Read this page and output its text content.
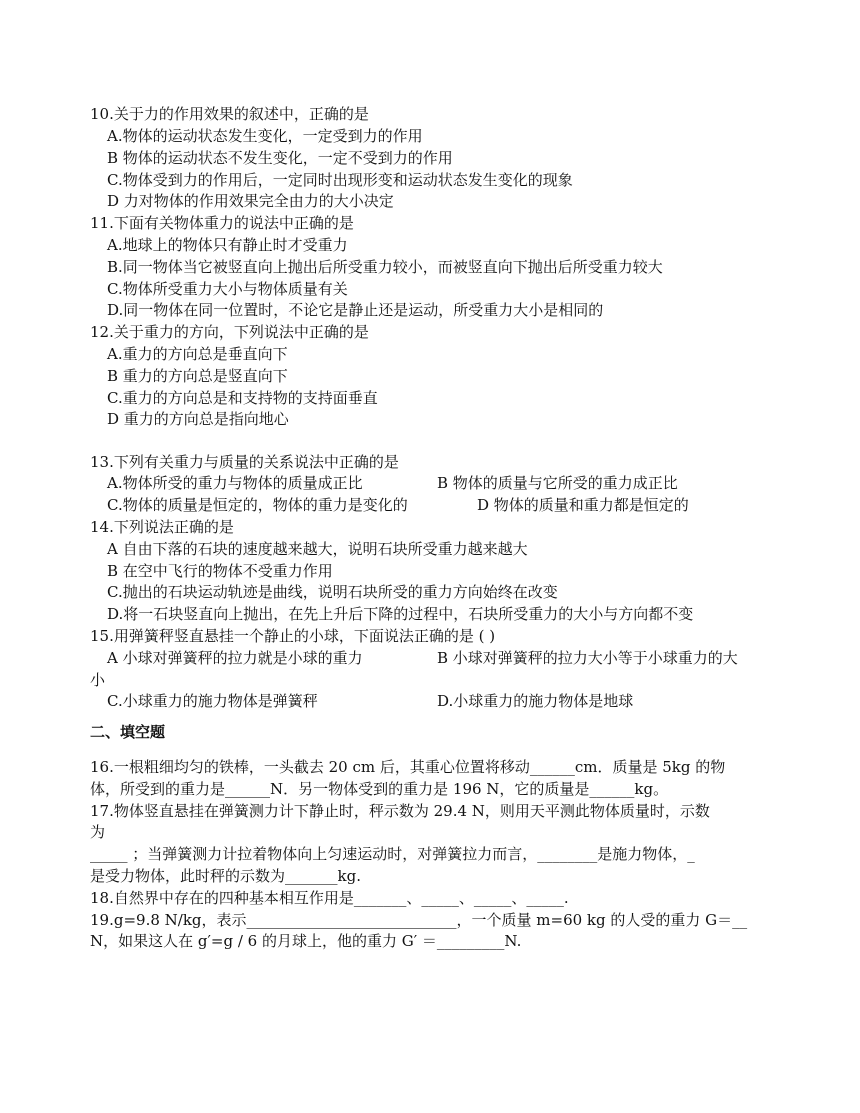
10.关于力的作用效果的叙述中，正确的是
A.物体的运动状态发生变化，一定受到力的作用
B 物体的运动状态不发生变化，一定不受到力的作用
C.物体受到力的作用后，一定同时出现形变和运动状态发生变化的现象
D 力对物体的作用效果完全由力的大小决定
11.下面有关物体重力的说法中正确的是
A.地球上的物体只有静止时才受重力
B.同一物体当它被竖直向上抛出后所受重力较小，而被竖直向下抛出后所受重力较大
C.物体所受重力大小与物体质量有关
D.同一物体在同一位置时，不论它是静止还是运动，所受重力大小是相同的
12.关于重力的方向，下列说法中正确的是
A.重力的方向总是垂直向下
B 重力的方向总是竖直向下
C.重力的方向总是和支持物的支持面垂直
D 重力的方向总是指向地心
13.下列有关重力与质量的关系说法中正确的是
A.物体所受的重力与物体的质量成正比	B 物体的质量与它所受的重力成正比
C.物体的质量是恒定的，物体的重力是变化的	D 物体的质量和重力都是恒定的
14.下列说法正确的是
A 自由下落的石块的速度越来越大，说明石块所受重力越来越大
B 在空中飞行的物体不受重力作用
C.抛出的石块运动轨迹是曲线，说明石块所受的重力方向始终在改变
D.将一石块竖直向上抛出，在先上升后下降的过程中，石块所受重力的大小与方向都不变
15.用弹簧秤竖直悬挂一个静止的小球，下面说法正确的是 ( )
A 小球对弹簧秤的拉力就是小球的重力	B 小球对弹簧秤的拉力大小等于小球重力的大
小
C.小球重力的施力物体是弹簧秤	D.小球重力的施力物体是地球
二、填空题
16.一根粗细均匀的铁棒，一头截去 20 cm 后，其重心位置将移动______cm．质量是 5kg 的物
体，所受到的重力是______N．另一物体受到的重力是 196 N，它的质量是______kg。
17.物体竖直悬挂在弹簧测力计下静止时，秤示数为 29.4 N，则用天平测此物体质量时，示数
为
_____ ；当弹簧测力计拉着物体向上匀速运动时，对弹簧拉力而言，________是施力物体，_
是受力物体，此时秤的示数为_______kg.
18.自然界中存在的四种基本相互作用是_______、_____、_____、_____.
19.g=9.8 N/kg，表示____________________________，一个质量 m=60 kg 的人受的重力 G＝__
N，如果这人在 g′=g / 6 的月球上，他的重力 G′ ＝_________N.
